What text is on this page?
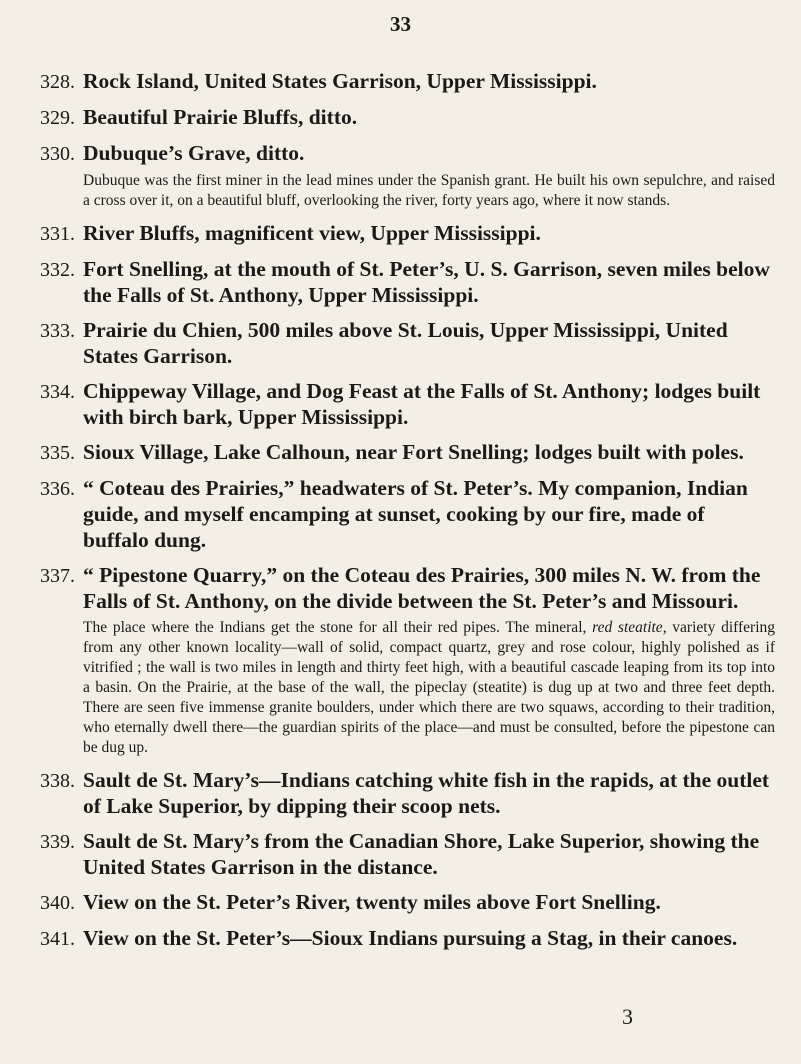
33
328. Rock Island, United States Garrison, Upper Mississippi.
329. Beautiful Prairie Bluffs, ditto.
330. Dubuque’s Grave, ditto.
Dubuque was the first miner in the lead mines under the Spanish grant. He built his own sepulchre, and raised a cross over it, on a beautiful bluff, overlooking the river, forty years ago, where it now stands.
331. River Bluffs, magnificent view, Upper Mississippi.
332. Fort Snelling, at the mouth of St. Peter’s, U. S. Garrison, seven miles below the Falls of St. Anthony, Upper Mississippi.
333. Prairie du Chien, 500 miles above St. Louis, Upper Mississippi, United States Garrison.
334. Chippeway Village, and Dog Feast at the Falls of St. Anthony; lodges built with birch bark, Upper Mississippi.
335. Sioux Village, Lake Calhoun, near Fort Snelling; lodges built with poles.
336. “ Coteau des Prairies,” headwaters of St. Peter’s. My companion, Indian guide, and myself encamping at sunset, cooking by our fire, made of buffalo dung.
337. “ Pipestone Quarry,” on the Coteau des Prairies, 300 miles N. W. from the Falls of St. Anthony, on the divide between the St. Peter’s and Missouri.
The place where the Indians get the stone for all their red pipes. The mineral, red steatite, variety differing from any other known locality—wall of solid, compact quartz, grey and rose colour, highly polished as if vitrified ; the wall is two miles in length and thirty feet high, with a beautiful cascade leaping from its top into a basin. On the Prairie, at the base of the wall, the pipeclay (steatite) is dug up at two and three feet depth. There are seen five immense granite boulders, under which there are two squaws, according to their tradition, who eternally dwell there—the guardian spirits of the place—and must be consulted, before the pipestone can be dug up.
338. Sault de St. Mary’s—Indians catching white fish in the rapids, at the outlet of Lake Superior, by dipping their scoop nets.
339. Sault de St. Mary’s from the Canadian Shore, Lake Superior, showing the United States Garrison in the distance.
340. View on the St. Peter’s River, twenty miles above Fort Snelling.
341. View on the St. Peter’s—Sioux Indians pursuing a Stag, in their canoes.
3
